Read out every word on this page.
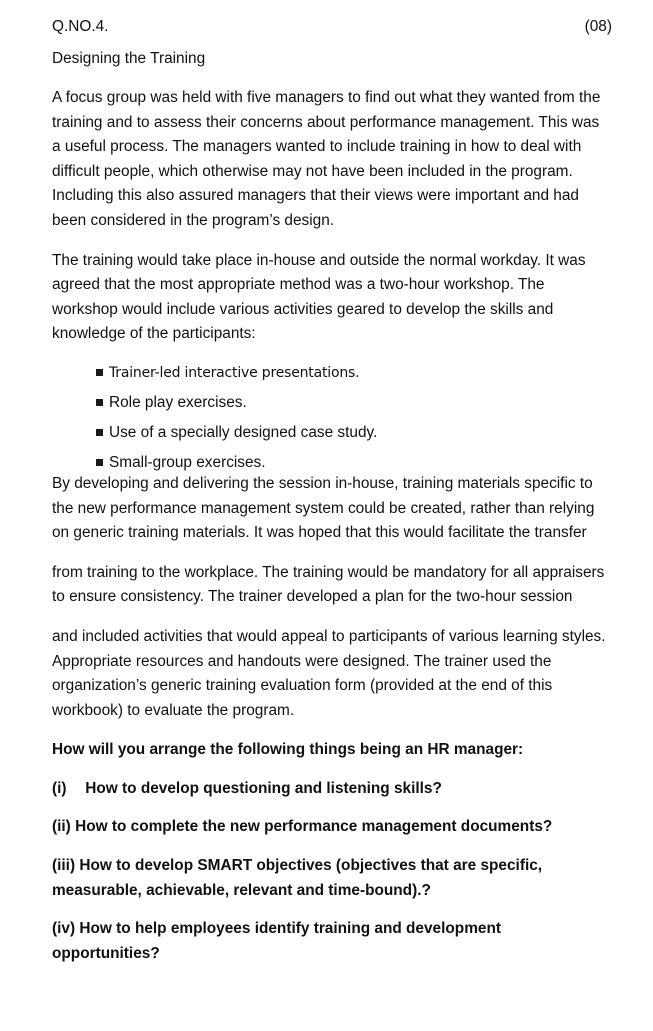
Q.NO.4.	(08)
Designing the Training

A focus group was held with five managers to find out what they wanted from the training and to assess their concerns about performance management. This was a useful process. The managers wanted to include training in how to deal with difficult people, which otherwise may not have been included in the program. Including this also assured managers that their views were important and had been considered in the program’s design.

The training would take place in-house and outside the normal workday. It was agreed that the most appropriate method was a two-hour workshop. The workshop would include various activities geared to develop the skills and knowledge of the participants:

Trainer-led interactive presentations.
Role play exercises.
Use of a specially designed case study.
Small-group exercises.

By developing and delivering the session in-house, training materials specific to the new performance management system could be created, rather than relying on generic training materials. It was hoped that this would facilitate the transfer

from training to the workplace. The training would be mandatory for all appraisers to ensure consistency. The trainer developed a plan for the two-hour session

and included activities that would appeal to participants of various learning styles. Appropriate resources and handouts were designed. The trainer used the organization’s generic training evaluation form (provided at the end of this workbook) to evaluate the program.

How will you arrange the following things being an HR manager:

(i) How to develop questioning and listening skills?

(ii) How to complete the new performance management documents?

(iii) How to develop SMART objectives (objectives that are specific, measurable, achievable, relevant and time-bound).?

(iv) How to help employees identify training and development opportunities?
